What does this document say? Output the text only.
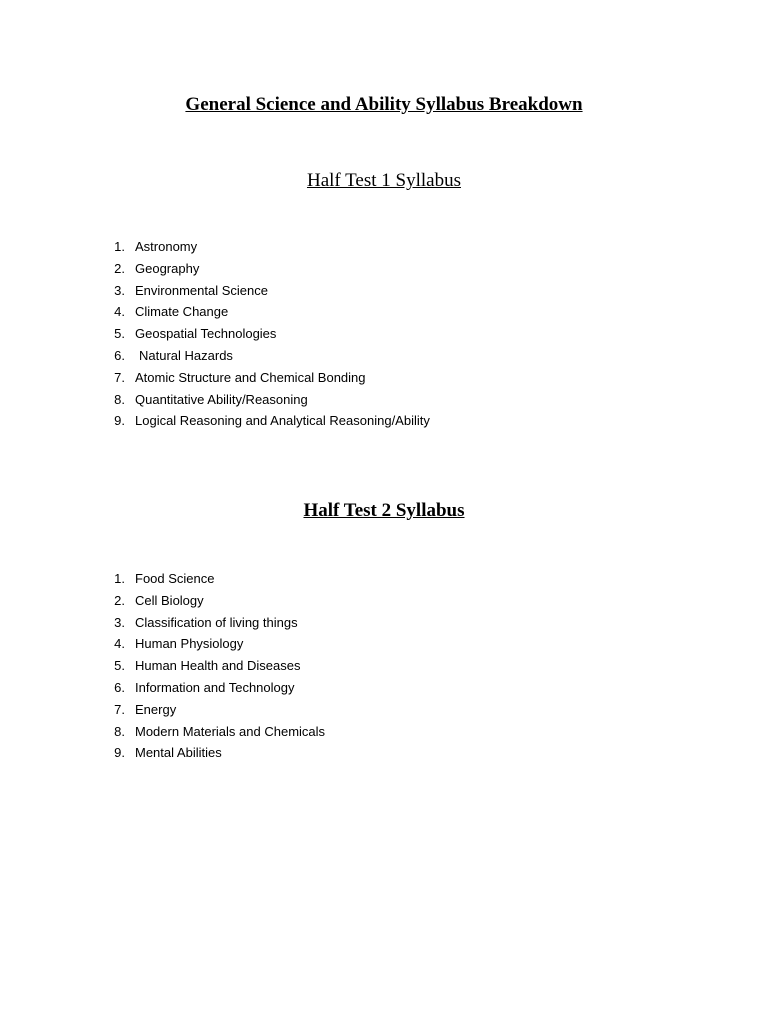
General Science and Ability Syllabus Breakdown
Half Test 1 Syllabus
1. Astronomy
2. Geography
3. Environmental Science
4. Climate Change
5. Geospatial Technologies
6. Natural Hazards
7. Atomic Structure and Chemical Bonding
8. Quantitative Ability/Reasoning
9. Logical Reasoning and Analytical Reasoning/Ability
Half Test 2 Syllabus
1. Food Science
2. Cell Biology
3. Classification of living things
4. Human Physiology
5. Human Health and Diseases
6. Information and Technology
7. Energy
8. Modern Materials and Chemicals
9. Mental Abilities
